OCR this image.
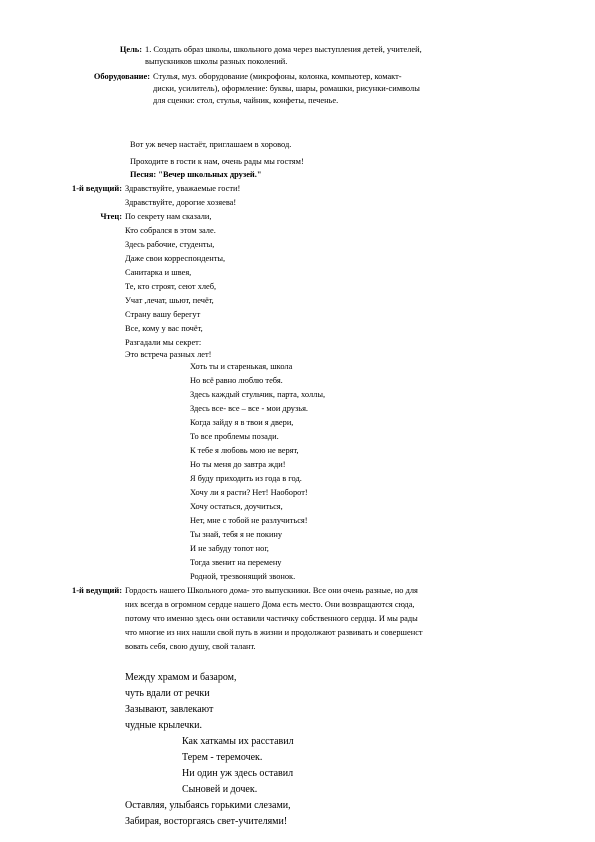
Цель: 1. Создать образ школы, школьного дома через выступления детей, учителей,
выпускников школы разных поколений.
Оборудование: Стулья, муз. оборудование (микрофоны, колонка, компьютер, комакт-
диски, усилитель), оформление: буквы, шары, ромашки, рисунки-символы
для сценки: стол, стулья, чайник, конфеты, печенье.
Вот уж вечер настаёт, приглашаем в хоровод.
Проходите в гости к нам, очень рады мы гостям!
Песня: "Вечер школьных друзей."
1-й ведущий: Здравствуйте, уважаемые гости!
Здравствуйте, дорогие хозяева!
Чтец: По секрету нам сказали,
Кто собрался в этом зале.
Здесь рабочие, студенты,
Даже свои корреспонденты,
Санитарка и швея,
Те, кто строят, сеют хлеб,
Учат ,лечат, шьют, печёт,
Страну вашу берегут
Все, кому у вас почёт,
Разгадали мы секрет:
Это встреча разных лет!
Хоть ты и старенькая, школа
Но всё равно люблю тебя.
Здесь каждый стульчик, парта, холлы,
Здесь все- все – все - мои друзья.
Когда зайду я в твои я двери,
То все проблемы позади.
К тебе я любовь мою не верят,
Но ты меня до завтра жди!
Я буду приходить из года в год.
Хочу ли я расти? Нет! Наоборот!
Хочу остаться, доучиться,
Нет, мне с тобой не разлучиться!
Ты знай, тебя я не покину
И не забуду топот ног,
Тогда звенит на перемену
Родной, трезвонящий звонок.
1-й ведущий: Гордость нашего Школьного дома- это выпускники. Все они очень разные, но для
них всегда в огромном сердце нашего Дома есть место. Они возвращаются сюда,
потому что именно здесь они оставили частичку собственного сердца. И мы рады
что многие из них нашли свой путь в жизни и продолжают развивать и совершенст
вовать себя, свою душу, свой талант.
Между храмом и базаром,
чуть вдали от речки
Зазывают, завлекают
чудные крылечки.
Как хаткамы их расставил
Терем - теремочек.
Ни один уж здесь оставил
Сыновей и дочек.
Оставляя, улыбаясь горькими слезами,
Забирая, восторгаясь свет-учителями!
